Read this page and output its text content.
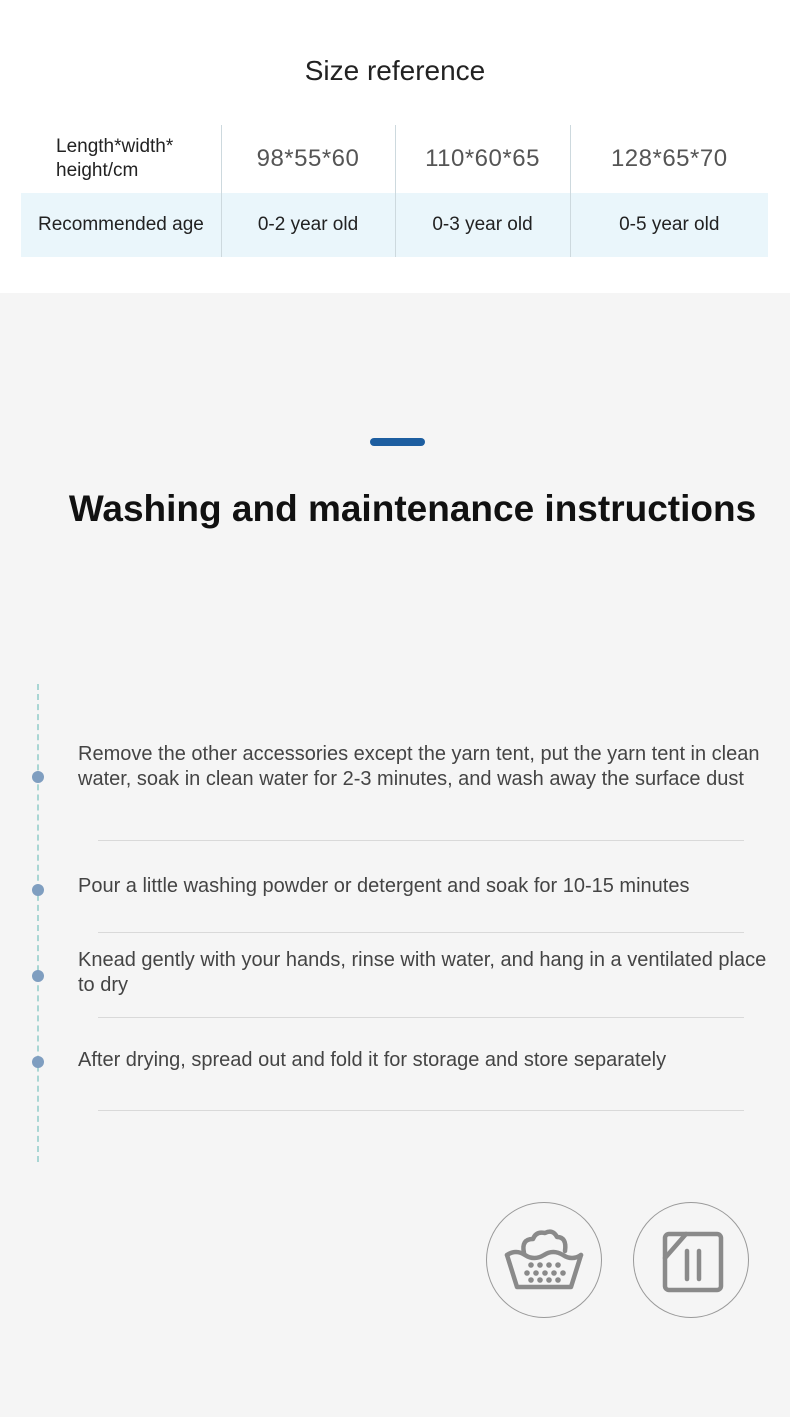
Size reference
Length*width*
height/cm	98*55*60	110*60*65	128*65*70
Recommended age	0-2 year old	0-3 year old	0-5 year old
Washing and maintenance instructions
Remove the other accessories except the yarn tent, put the yarn tent in clean water, soak in clean water for 2-3 minutes, and wash away the surface dust
Pour a little washing powder or detergent and soak for 10-15 minutes
Knead gently with your hands, rinse with water, and hang in a ventilated place to dry
After drying, spread out and fold it for storage and store separately
